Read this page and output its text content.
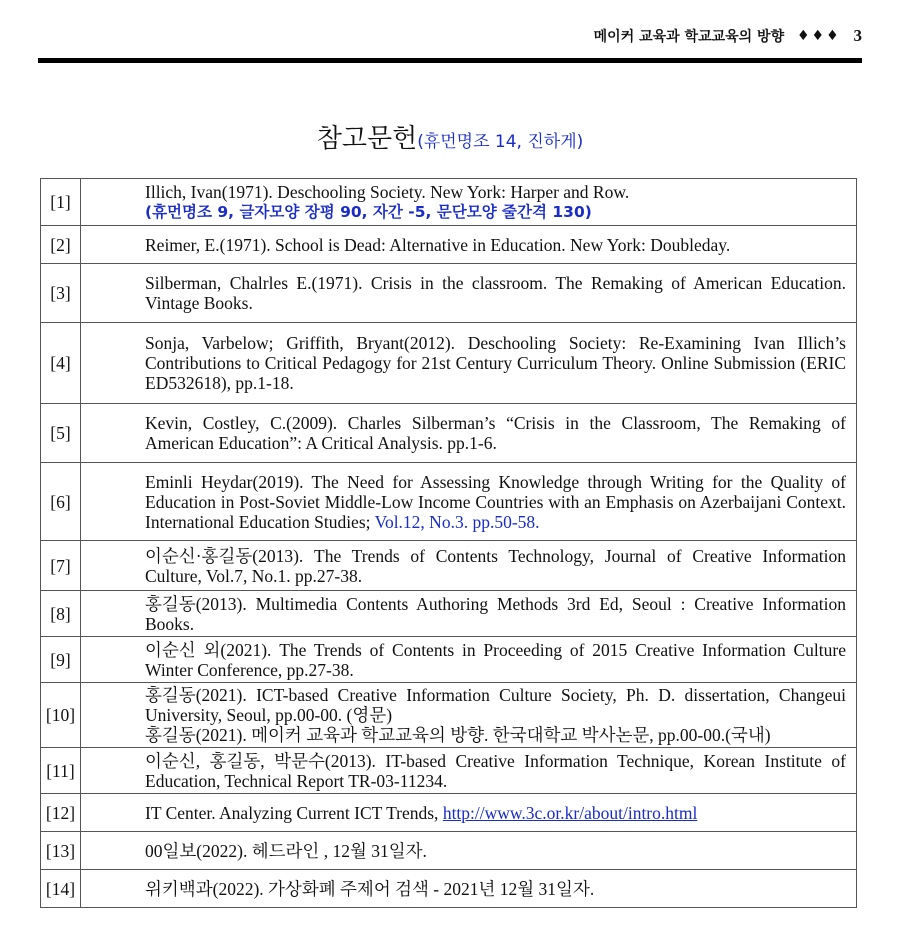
메이커 교육과 학교교육의 방향 ♦♦♦ 3
참고문헌(휴먼명조 14, 진하게)
[1]	Illich, Ivan(1971). Deschooling Society. New York: Harper and Row.
(휴먼명조 9, 글자모양 장평 90, 자간 -5, 문단모양 줄간격 130)

[2]	Reimer, E.(1971). School is Dead: Alternative in Education. New York: Doubleday.
[3]	Silberman, Chalrles E.(1971). Crisis in the classroom. The Remaking of American Education. Vintage Books.
[4]	Sonja, Varbelow; Griffith, Bryant(2012). Deschooling Society: Re-Examining Ivan Illich’s Contributions to Critical Pedagogy for 21st Century Curriculum Theory. Online Submission (ERIC ED532618), pp.1-18.
[5]	Kevin, Costley, C.(2009). Charles Silberman’s “Crisis in the Classroom, The Remaking of American Education”: A Critical Analysis. pp.1-6.
[6]	Eminli Heydar(2019). The Need for Assessing Knowledge through Writing for the Quality of Education in Post-Soviet Middle-Low Income Countries with an Emphasis on Azerbaijani Context. International Education Studies; Vol.12, No.3. pp.50-58.
[7]	이순신·홍길동(2013). The Trends of Contents Technology, Journal of Creative Information Culture, Vol.7, No.1. pp.27-38.
[8]	홍길동(2013). Multimedia Contents Authoring Methods 3rd Ed, Seoul : Creative Information Books.
[9]	이순신 외(2021). The Trends of Contents in Proceeding of 2015 Creative Information Culture Winter Conference, pp.27-38.
[10]	홍길동(2021). ICT-based Creative Information Culture Society, Ph. D. dissertation, Changeui University, Seoul, pp.00-00. (영문)
홍길동(2021). 메이커 교육과 학교교육의 방향. 한국대학교 박사논문, pp.00-00.(국내)

[11]	이순신, 홍길동, 박문수(2013). IT-based Creative Information Technique, Korean Institute of Education, Technical Report TR-03-11234.
[12]	IT Center. Analyzing Current ICT Trends, http://www.3c.or.kr/about/intro.html
[13]	00일보(2022). 헤드라인 , 12월 31일자.
[14]	위키백과(2022). 가상화폐 주제어 검색 - 2021년 12월 31일자.
